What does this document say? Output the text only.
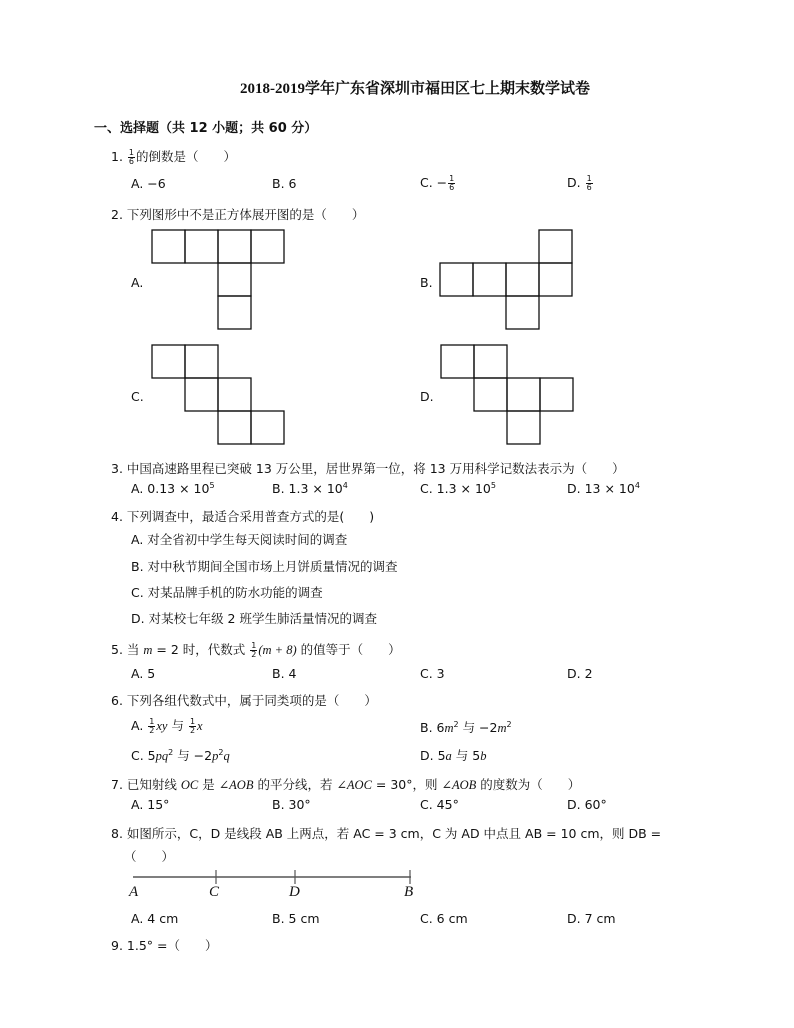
2018-2019学年广东省深圳市福田区七上期末数学试卷
一、选择题（共 12 小题；共 60 分）
1. $\frac{1}{6}$ 的倒数是（　　）
A. −6	B. 6	C. − $\frac{1}{6}$	D. $\frac{1}{6}$
2. 下列图形中不是正方体展开图的是（　　）
A.	B.
C.	D.
3. 中国高速路里程已突破 13 万公里，居世界第一位，将 13 万用科学记数法表示为（　　）
A. $0.13 \times 10^5$	B. $1.3 \times 10^4$	C. $1.3 \times 10^5$	D. $13 \times 10^4$
4. 下列调查中，最适合采用普查方式的是(　　)
A. 对全省初中学生每天阅读时间的调查
B. 对中秋节期间全国市场上月饼质量情况的调查
C. 对某品牌手机的防水功能的调查
D. 对某校七年级 2 班学生肺活量情况的调查
5. 当 m = 2 时，代数式 $\frac{1}{2} (m + 8)$ 的值等于（　　）
A. 5	B. 4	C. 3	D. 2
6. 下列各组代数式中，属于同类项的是（　　）
A. $\frac{1}{2}$ xy 与 $\frac{1}{2}$ x	B. $6m^2$ 与 $-2m^2$
C. $5pq^2$ 与 $-2p^2q$	D. 5a 与 5b
7. 已知射线 OC 是 ∠AOB 的平分线，若 ∠AOC = 30°，则 ∠AOB 的度数为（　　）
A. 15°	B. 30°	C. 45°	D. 60°
8. 如图所示，C，D 是线段 AB 上两点，若 AC = 3 cm，C 为 AD 中点且 AB = 10 cm，则 DB =
（　　）
A	C	D	B
A. 4 cm	B. 5 cm	C. 6 cm	D. 7 cm
9. 1.5° =（　　）
